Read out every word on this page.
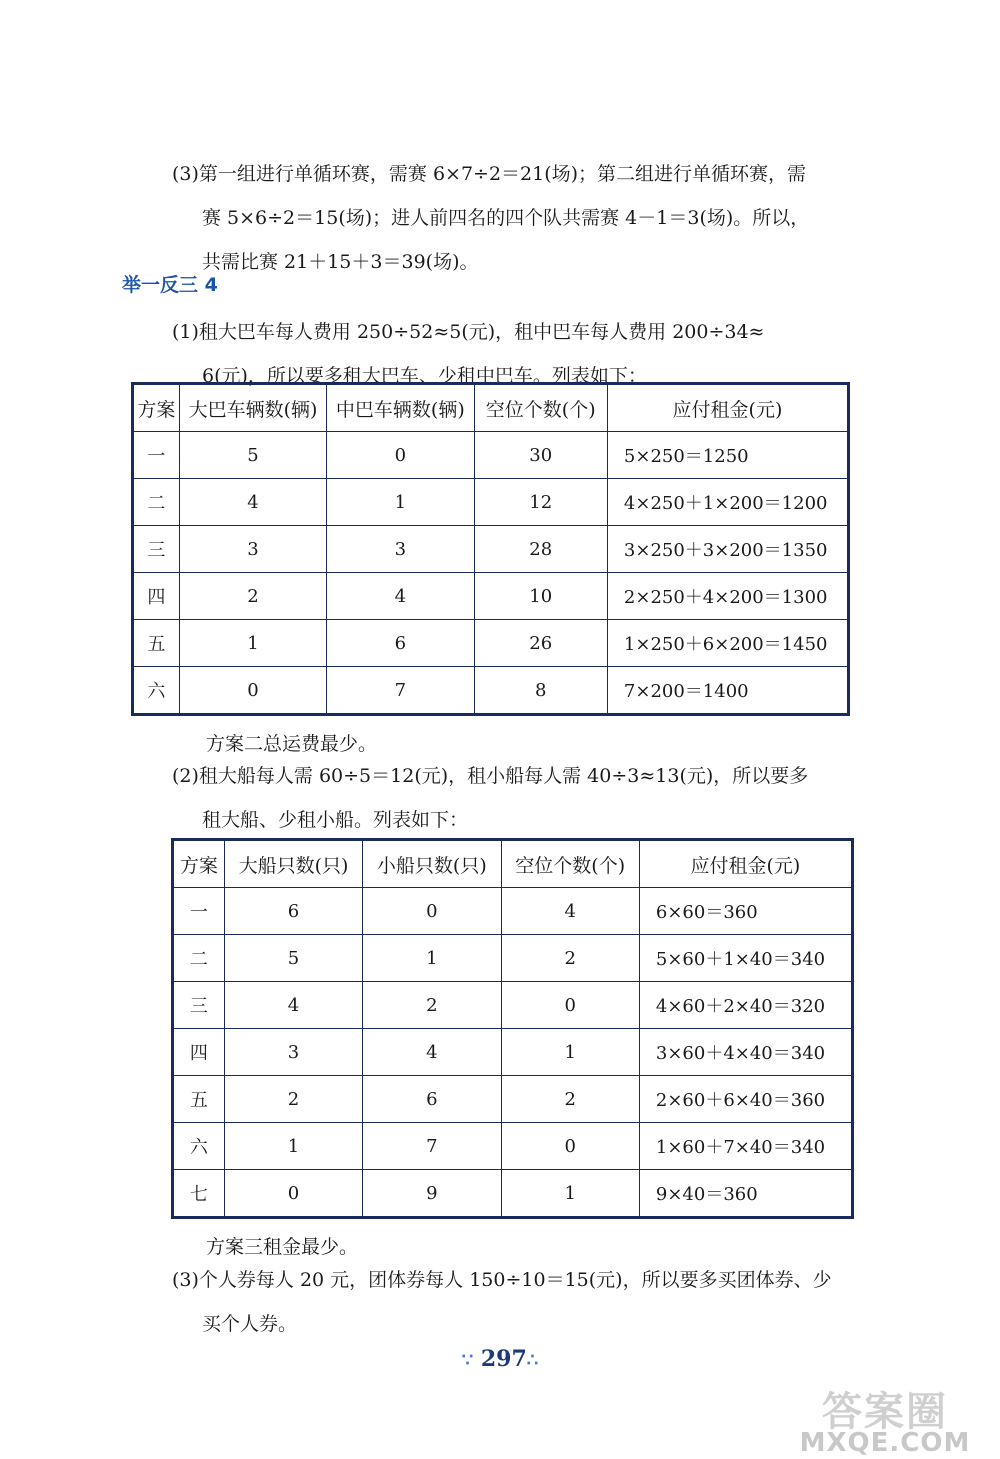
(3)第一组进行单循环赛，需赛 6×7÷2＝21(场)；第二组进行单循环赛，需
赛 5×6÷2＝15(场)；进人前四名的四个队共需赛 4－1＝3(场)。所以，
共需比赛 21＋15＋3＝39(场)。
举一反三 4
(1)租大巴车每人费用 250÷52≈5(元)，租中巴车每人费用 200÷34≈
6(元)，所以要多租大巴车、少租中巴车。列表如下：
方案	大巴车辆数(辆)	中巴车辆数(辆)	空位个数(个)	应付租金(元)
一	5	0	30	5×250＝1250
二	4	1	12	4×250＋1×200＝1200
三	3	3	28	3×250＋3×200＝1350
四	2	4	10	2×250＋4×200＝1300
五	1	6	26	1×250＋6×200＝1450
六	0	7	8	7×200＝1400
方案二总运费最少。
(2)租大船每人需 60÷5＝12(元)，租小船每人需 40÷3≈13(元)，所以要多
租大船、少租小船。列表如下：
方案	大船只数(只)	小船只数(只)	空位个数(个)	应付租金(元)
一	6	0	4	6×60＝360
二	5	1	2	5×60＋1×40＝340
三	4	2	0	4×60＋2×40＝320
四	3	4	1	3×60＋4×40＝340
五	2	6	2	2×60＋6×40＝360
六	1	7	0	1×60＋7×40＝340
七	0	9	1	9×40＝360
方案三租金最少。
(3)个人券每人 20 元，团体券每人 150÷10＝15(元)，所以要多买团体券、少
买个人券。
∵ 297∴
答案圈
MXQE.COM
